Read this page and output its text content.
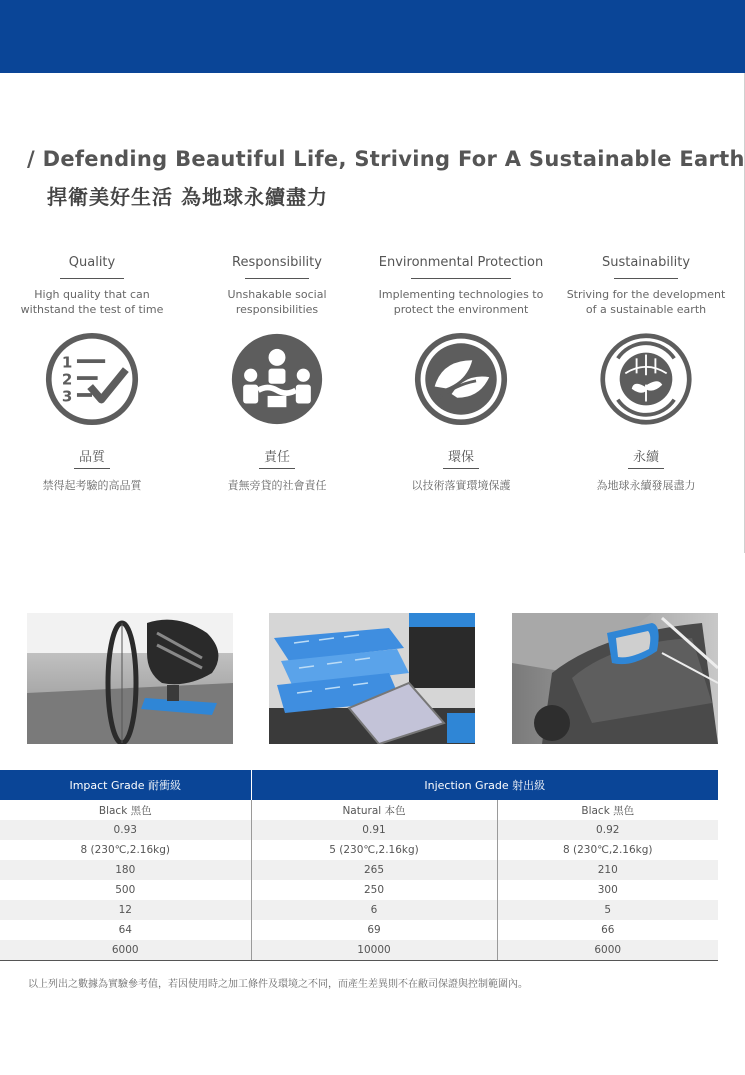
/ Defending Beautiful Life, Striving For A Sustainable Earth
捍衛美好生活 為地球永續盡力
Quality
High quality that can
withstand the test of time
1
2
3
品質
禁得起考驗的高品質
Responsibility
Unshakable social
responsibilities
責任
責無旁貸的社會責任
Environmental Protection
Implementing technologies to
protect the environment
環保
以技術落實環境保護
Sustainability
Striving for the development
of a sustainable earth
永續
為地球永續發展盡力
Impact Grade 耐衝級	Injection Grade 射出級	
Black 黑色	Natural 本色	Black 黑色
0.93	0.91	0.92
8 (230℃,2.16kg)	5 (230℃,2.16kg)	8 (230℃,2.16kg)
180	265	210
500	250	300
12	6	5
64	69	66
6000	10000	6000
以上列出之數據為實驗參考值，若因使用時之加工條件及環境之不同，而產生差異則不在敝司保證與控制範圍內。
